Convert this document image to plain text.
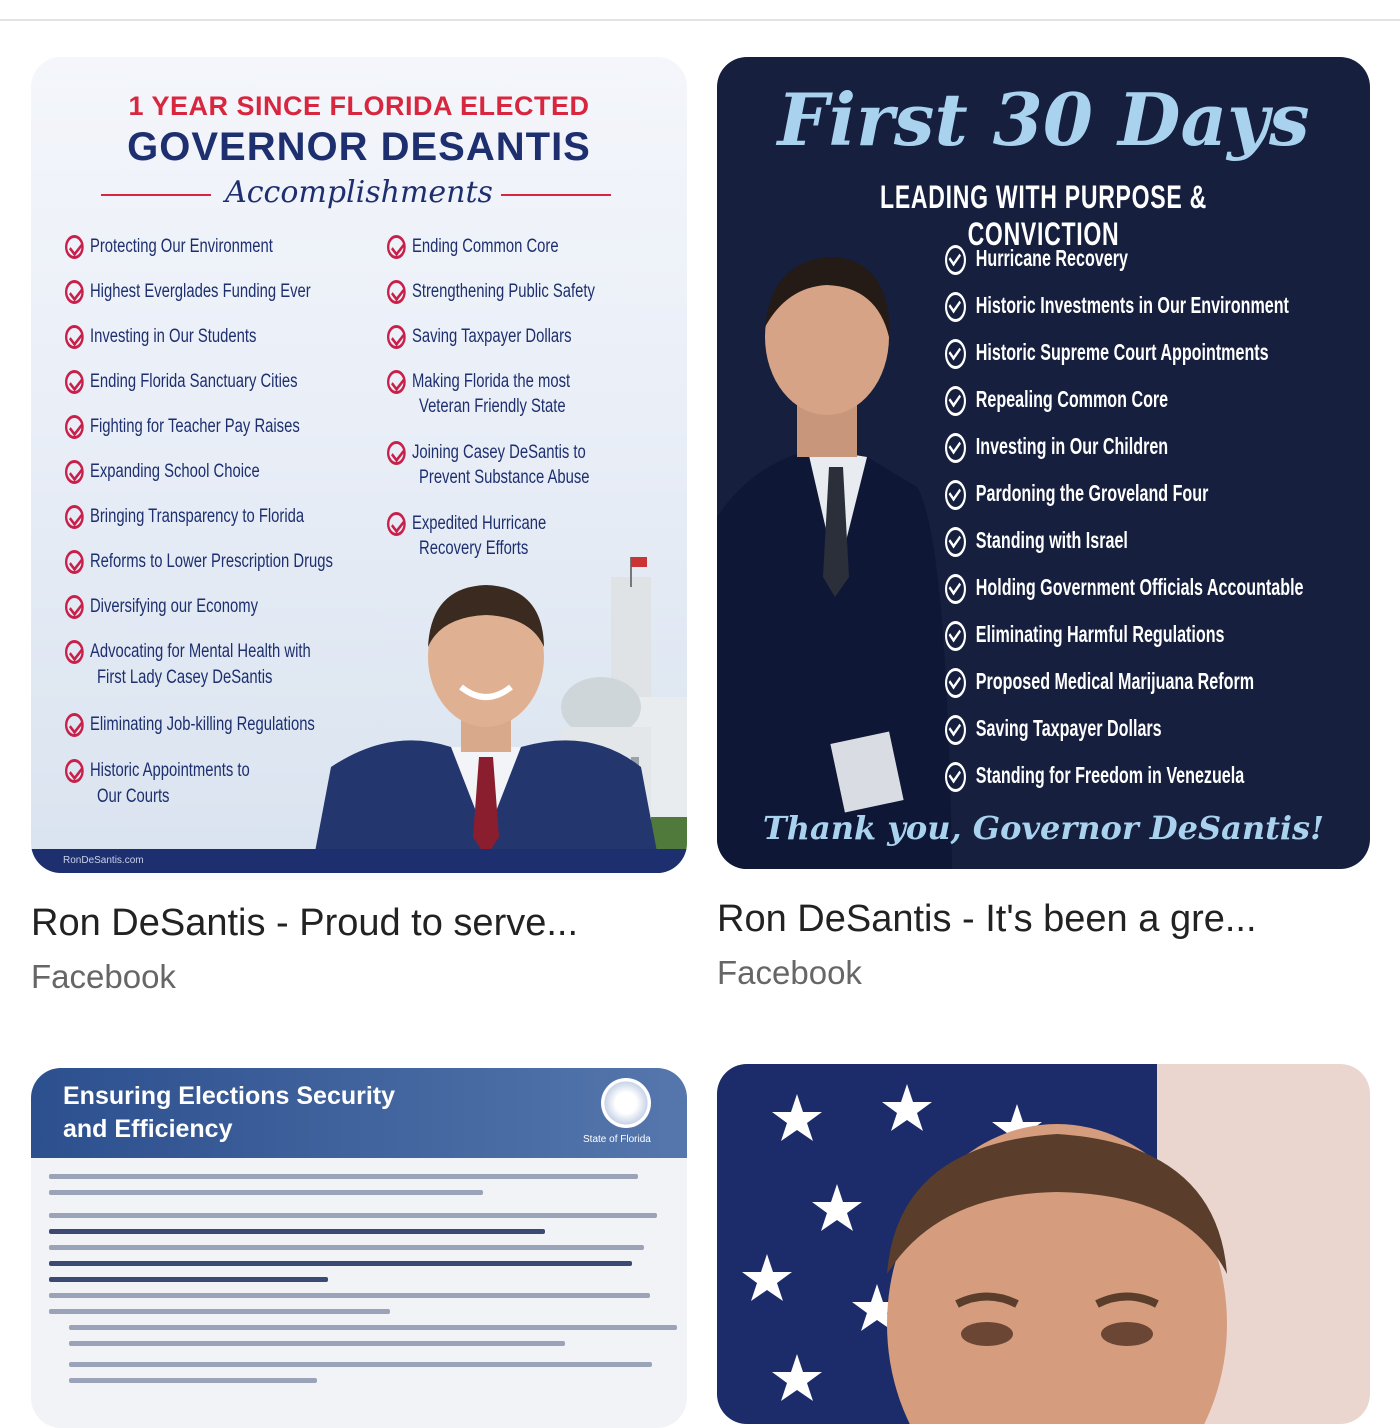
1 YEAR SINCE FLORIDA ELECTED
GOVERNOR DESANTIS
Accomplishments
Protecting Our Environment
Highest Everglades Funding Ever
Investing in Our Students
Ending Florida Sanctuary Cities
Fighting for Teacher Pay Raises
Expanding School Choice
Bringing Transparency to Florida
Reforms to Lower Prescription Drugs
Diversifying our Economy
Advocating for Mental Health with
First Lady Casey DeSantis
Eliminating Job-killing Regulations
Historic Appointments to
Our Courts
Ending Common Core
Strengthening Public Safety
Saving Taxpayer Dollars
Making Florida the most
Veteran Friendly State
Joining Casey DeSantis to
Prevent Substance Abuse
Expedited Hurricane
Recovery Efforts
RonDeSantis.com
Ron DeSantis - Proud to serve...
Facebook
First 30 Days
LEADING WITH PURPOSE & CONVICTION
Hurricane Recovery
Historic Investments in Our Environment
Historic Supreme Court Appointments
Repealing Common Core
Investing in Our Children
Pardoning the Groveland Four
Standing with Israel
Holding Government Officials Accountable
Eliminating Harmful Regulations
Proposed Medical Marijuana Reform
Saving Taxpayer Dollars
Standing for Freedom in Venezuela
Thank you, Governor DeSantis!
Ron DeSantis - It's been a gre...
Facebook
Ensuring Elections Security
and Efficiency	State of Florida
